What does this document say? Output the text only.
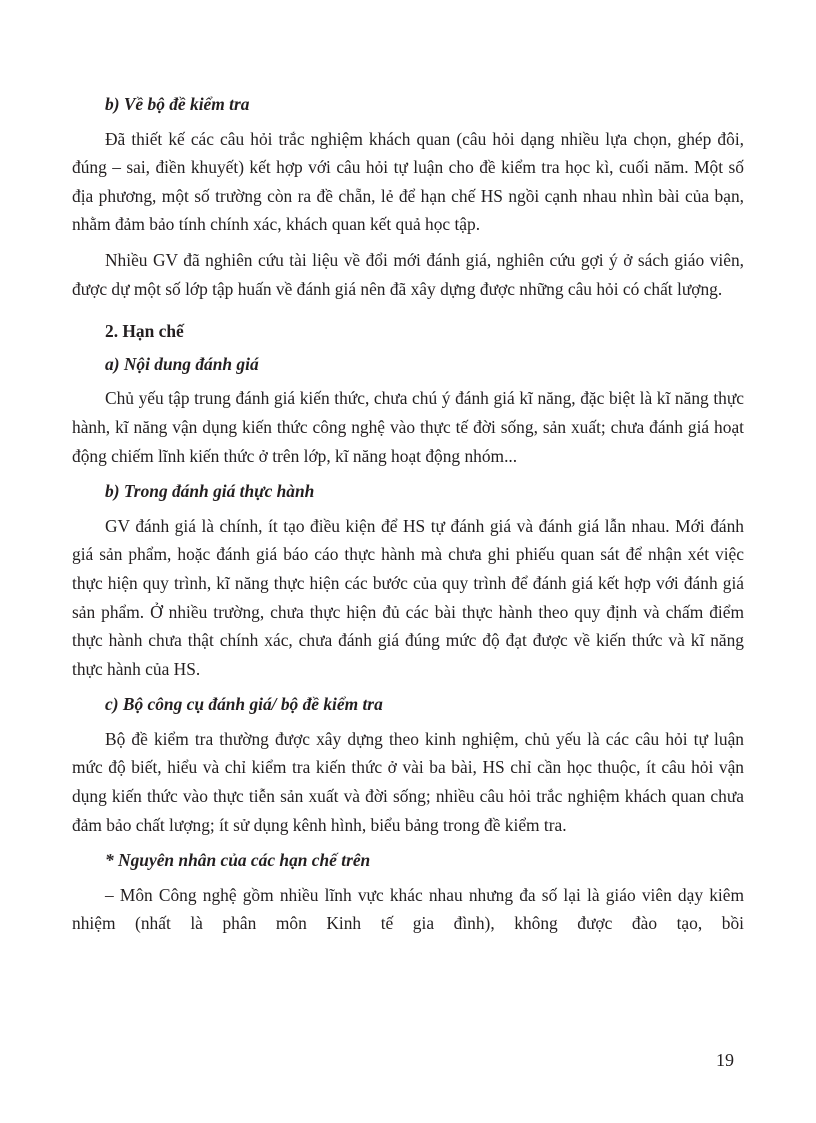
b) Về bộ đề kiểm tra
Đã thiết kế các câu hỏi trắc nghiệm khách quan (câu hỏi dạng nhiều lựa chọn, ghép đôi, đúng – sai, điền khuyết) kết hợp với câu hỏi tự luận cho đề kiểm tra học kì, cuối năm. Một số địa phương, một số trường còn ra đề chẵn, lẻ để hạn chế HS ngồi cạnh nhau nhìn bài của bạn, nhằm đảm bảo tính chính xác, khách quan kết quả học tập.
Nhiều GV đã nghiên cứu tài liệu về đổi mới đánh giá, nghiên cứu gợi ý ở sách giáo viên, được dự một số lớp tập huấn về đánh giá nên đã xây dựng được những câu hỏi có chất lượng.
2. Hạn chế
a) Nội dung đánh giá
Chủ yếu tập trung đánh giá kiến thức, chưa chú ý đánh giá kĩ năng, đặc biệt là kĩ năng thực hành, kĩ năng vận dụng kiến thức công nghệ vào thực tế đời sống, sản xuất; chưa đánh giá hoạt động chiếm lĩnh kiến thức ở trên lớp, kĩ năng hoạt động nhóm...
b) Trong đánh giá thực hành
GV đánh giá là chính, ít tạo điều kiện để HS tự đánh giá và đánh giá lẫn nhau. Mới đánh giá sản phẩm, hoặc đánh giá báo cáo thực hành mà chưa ghi phiếu quan sát để nhận xét việc thực hiện quy trình, kĩ năng thực hiện các bước của quy trình để đánh giá kết hợp với đánh giá sản phẩm. Ở nhiều trường, chưa thực hiện đủ các bài thực hành theo quy định và chấm điểm thực hành chưa thật chính xác, chưa đánh giá đúng mức độ đạt được về kiến thức và kĩ năng thực hành của HS.
c) Bộ công cụ đánh giá/ bộ đề kiểm tra
Bộ đề kiểm tra thường được xây dựng theo kinh nghiệm, chủ yếu là các câu hỏi tự luận mức độ biết, hiểu và chỉ kiểm tra kiến thức ở vài ba bài, HS chỉ cần học thuộc, ít câu hỏi vận dụng kiến thức vào thực tiễn sản xuất và đời sống; nhiều câu hỏi trắc nghiệm khách quan chưa đảm bảo chất lượng; ít sử dụng kênh hình, biểu bảng trong đề kiểm tra.
* Nguyên nhân của các hạn chế trên
– Môn Công nghệ gồm nhiều lĩnh vực khác nhau nhưng đa số lại là giáo viên dạy kiêm nhiệm (nhất là phân môn Kinh tế gia đình), không được đào tạo, bồi
19
